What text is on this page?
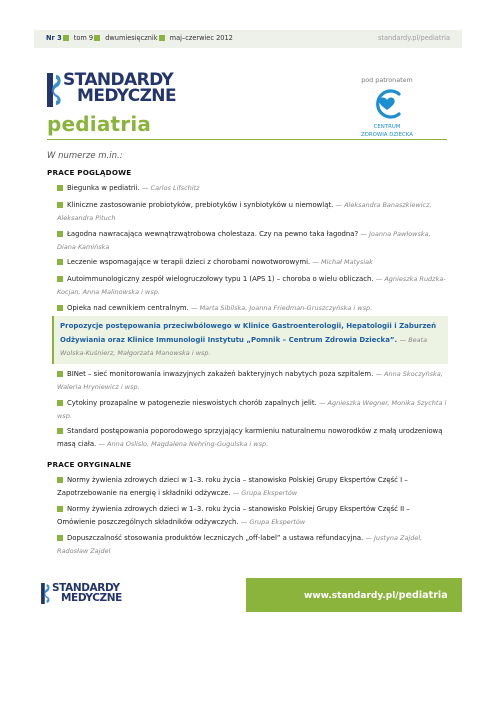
Nr 3 tom 9 dwumiesięcznik maj–czerwiec 2012	standardy.pl/pediatria
STANDARDY
MEDYCZNE
pediatria
pod patronatem
CENTRUM
ZDROWIA DZIECKA
W numerze m.in.:
PRACE POGLĄDOWE
Biegunka w pediatrii. — Carlos Lifschitz
Kliniczne zastosowanie probiotyków, prebiotyków i synbiotyków u niemowląt. — Aleksandra Banaszkiewicz, Aleksandra Pituch
Łagodna nawracająca wewnątrzwątrobowa cholestaza. Czy na pewno taka łagodna? — Joanna Pawłowska, Diana Kamińska
Leczenie wspomagające w terapii dzieci z chorobami nowotworowymi. — Michał Matysiak
Autoimmunologiczny zespół wielogruczołowy typu 1 (APS 1) – choroba o wielu obliczach. — Agnieszka Rudzka-Kocjan, Anna Malinowska i wsp.
Opieka nad cewnikiem centralnym. — Marta Sibilska, Joanna Friedman-Gruszczyńska i wsp.
Propozycje postępowania przeciwbólowego w Klinice Gastroenterologii, Hepatologii i Zaburzeń Odżywiania oraz Klinice Immunologii Instytutu „Pomnik – Centrum Zdrowia Dziecka”. — Beata Wolska-Kuśnierz, Małgorzata Manowska i wsp.
BINet – sieć monitorowania inwazyjnych zakażeń bakteryjnych nabytych poza szpitalem. — Anna Skoczyńska, Waleria Hryniewicz i wsp.
Cytokiny prozapalne w patogenezie nieswoistych chorób zapalnych jelit. — Agnieszka Wegner, Monika Szychta i wsp.
Standard postępowania poporodowego sprzyjający karmieniu naturalnemu noworodków z małą urodzeniową masą ciała. — Anna Oslislo, Magdalena Nehring-Gugulska i wsp.
PRACE ORYGINALNE
Normy żywienia zdrowych dzieci w 1–3. roku życia – stanowisko Polskiej Grupy Ekspertów Część I – Zapotrzebowanie na energię i składniki odżywcze. — Grupa Ekspertów
Normy żywienia zdrowych dzieci w 1–3. roku życia – stanowisko Polskiej Grupy Ekspertów Część II – Omówienie poszczególnych składników odżywczych. — Grupa Ekspertów
Dopuszczalność stosowania produktów leczniczych „off-label” a ustawa refundacyjna. — Justyna Zajdel, Radosław Zajdel
STANDARDY
MEDYCZNE	www.standardy.pl/pediatria
